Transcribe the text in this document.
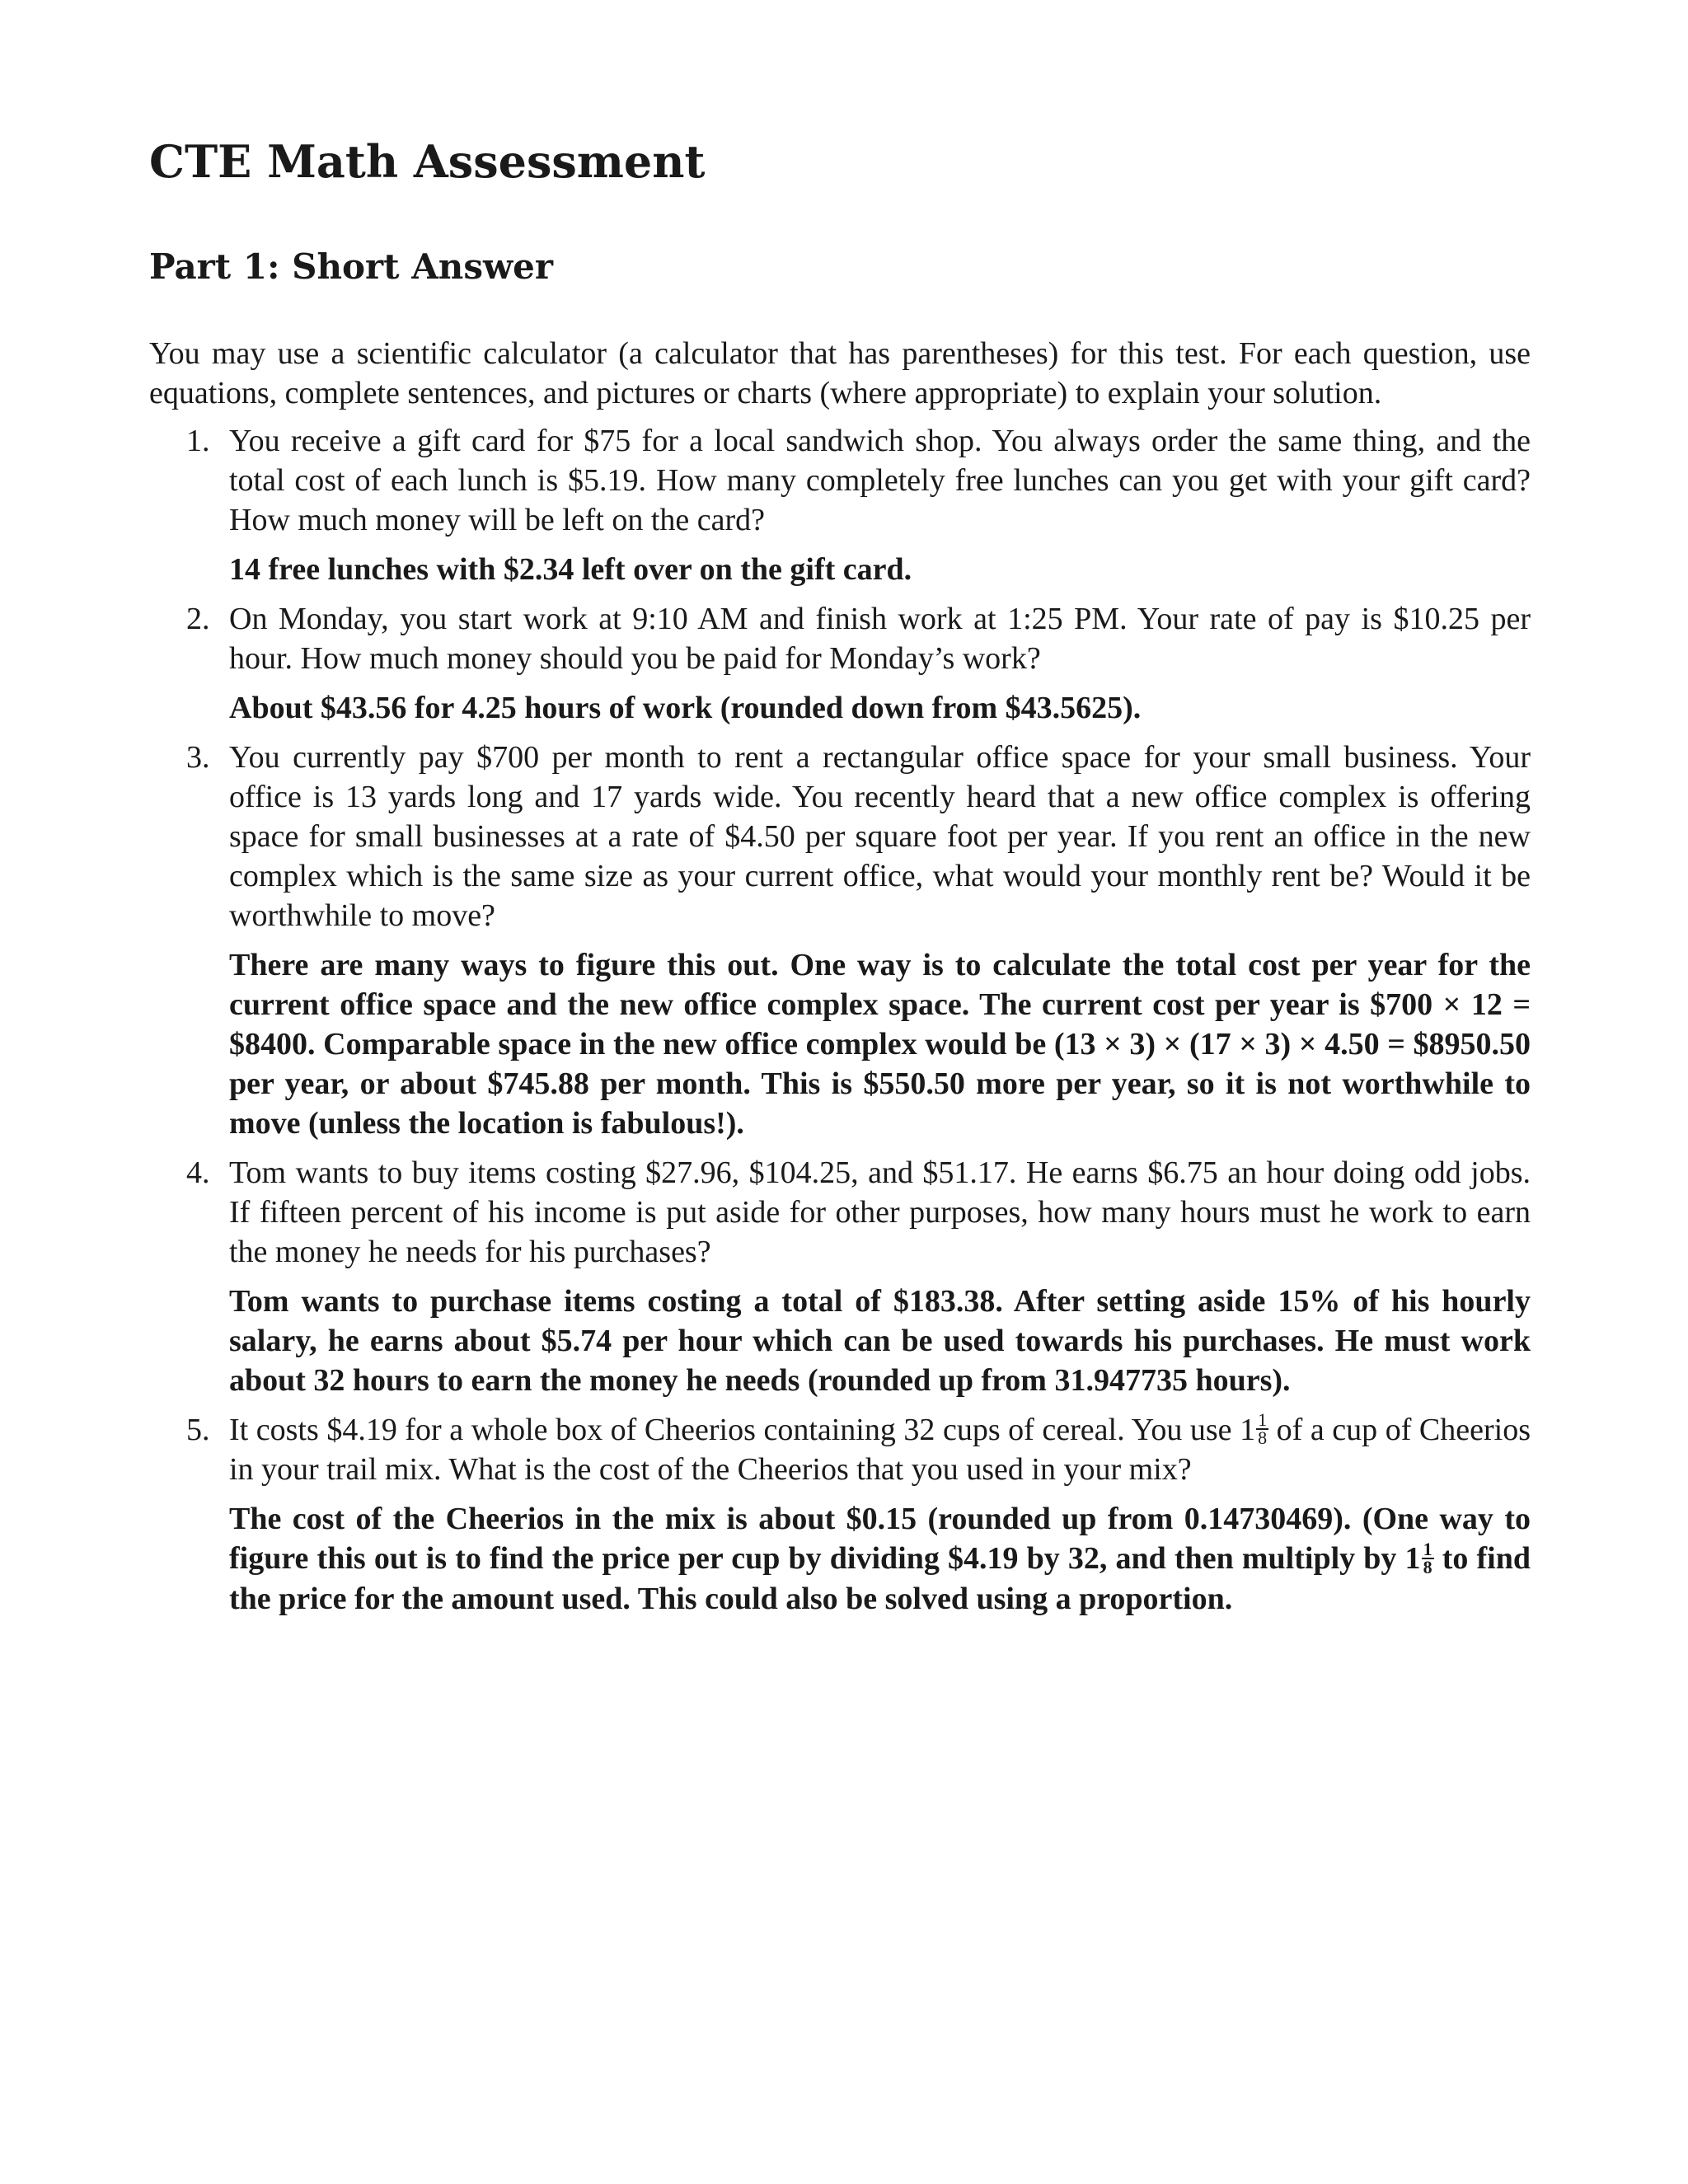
CTE Math Assessment
Part 1: Short Answer

You may use a scientific calculator (a calculator that has parentheses) for this test. For each question, use equations, complete sentences, and pictures or charts (where appropriate) to explain your solution.

1. You receive a gift card for $75 for a local sandwich shop. You always order the same thing, and the total cost of each lunch is $5.19. How many completely free lunches can you get with your gift card? How much money will be left on the card?

14 free lunches with $2.34 left over on the gift card.

2. On Monday, you start work at 9:10 AM and finish work at 1:25 PM. Your rate of pay is $10.25 per hour. How much money should you be paid for Monday’s work?

About $43.56 for 4.25 hours of work (rounded down from $43.5625).

3. You currently pay $700 per month to rent a rectangular office space for your small business. Your office is 13 yards long and 17 yards wide. You recently heard that a new office complex is offering space for small businesses at a rate of $4.50 per square foot per year. If you rent an office in the new complex which is the same size as your current office, what would your monthly rent be? Would it be worthwhile to move?

There are many ways to figure this out. One way is to calculate the total cost per year for the current office space and the new office complex space. The current cost per year is $700 × 12 = $8400. Comparable space in the new office complex would be (13 × 3) × (17 × 3) × 4.50 = $8950.50 per year, or about $745.88 per month. This is $550.50 more per year, so it is not worthwhile to move (unless the location is fabulous!).

4. Tom wants to buy items costing $27.96, $104.25, and $51.17. He earns $6.75 an hour doing odd jobs. If fifteen percent of his income is put aside for other purposes, how many hours must he work to earn the money he needs for his purchases?

Tom wants to purchase items costing a total of $183.38. After setting aside 15% of his hourly salary, he earns about $5.74 per hour which can be used towards his purchases. He must work about 32 hours to earn the money he needs (rounded up from 31.947735 hours).

5. It costs $4.19 for a whole box of Cheerios containing 32 cups of cereal. You use $1 \frac{1}{8}$ of a cup of Cheerios in your trail mix. What is the cost of the Cheerios that you used in your mix?

The cost of the Cheerios in the mix is about $0.15 (rounded up from 0.14730469). (One way to figure this out is to find the price per cup by dividing $4.19 by 32, and then multiply by $1 \frac{1}{8}$ to find the price for the amount used. This could also be solved using a proportion.
